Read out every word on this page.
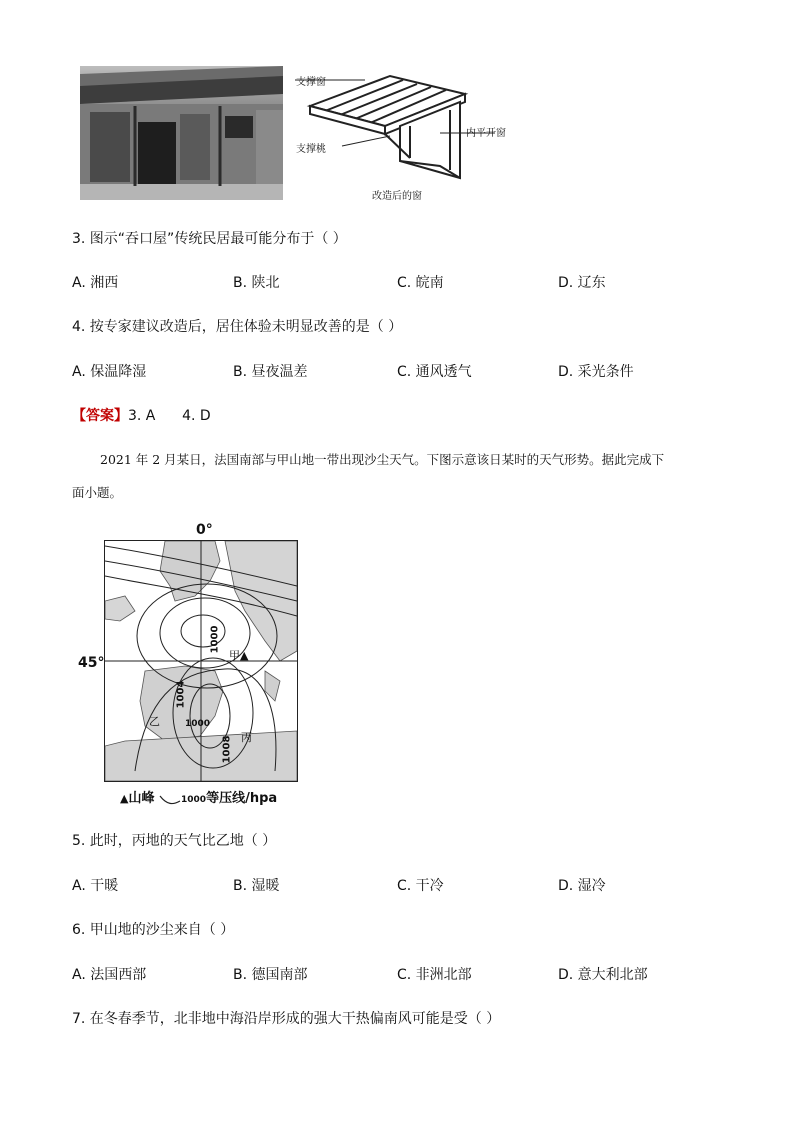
支撑窗
支撑桃
内平开窗
改造后的窗
3. 图示“吞口屋”传统民居最可能分布于（ ）
A. 湘西	B. 陕北	C. 皖南	D. 辽东
4. 按专家建议改造后，居住体验未明显改善的是（ ）
A. 保温降湿	B. 昼夜温差	C. 通风透气	D. 采光条件
【答案】3. A      4. D
2021 年 2 月某日，法国南部与甲山地一带出现沙尘天气。下图示意该日某时的天气形势。据此完成下
面小题。
0°
45°
1000
1004
1000
1008
甲▲
乙
丙
▲山峰	1000等压线/hpa
5. 此时，丙地的天气比乙地（ ）
A. 干暖	B. 湿暖	C. 干冷	D. 湿冷
6. 甲山地的沙尘来自（ ）
A. 法国西部	B. 德国南部	C. 非洲北部	D. 意大利北部
7. 在冬春季节，北非地中海沿岸形成的强大干热偏南风可能是受（ ）
